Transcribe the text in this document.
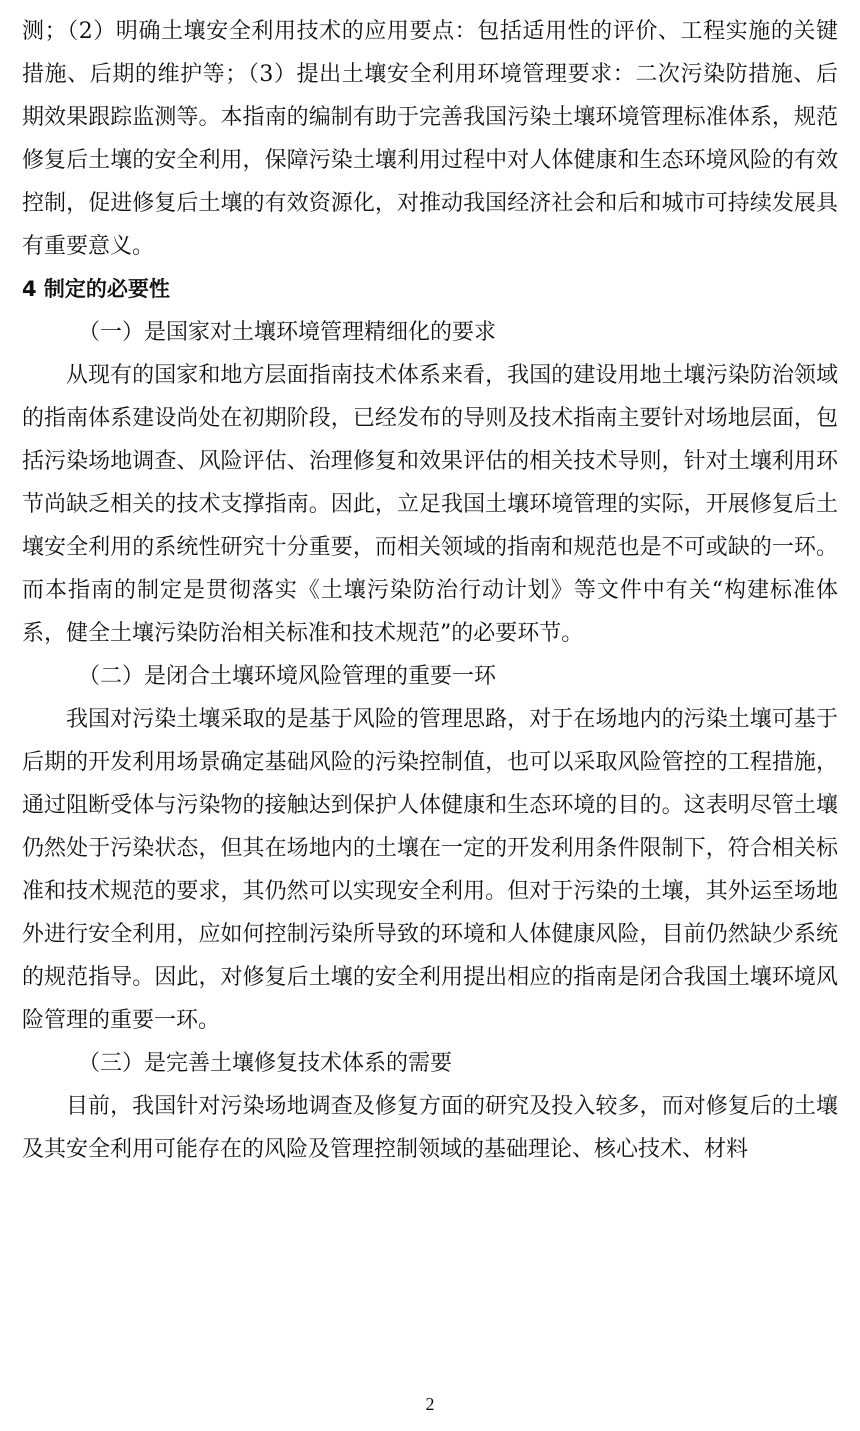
测；（2）明确土壤安全利用技术的应用要点：包括适用性的评价、工程实施的关键措施、后期的维护等；（3）提出土壤安全利用环境管理要求：二次污染防措施、后期效果跟踪监测等。本指南的编制有助于完善我国污染土壤环境管理标准体系，规范修复后土壤的安全利用，保障污染土壤利用过程中对人体健康和生态环境风险的有效控制，促进修复后土壤的有效资源化，对推动我国经济社会和后和城市可持续发展具有重要意义。

4 制定的必要性

（一）是国家对土壤环境管理精细化的要求

从现有的国家和地方层面指南技术体系来看，我国的建设用地土壤污染防治领域的指南体系建设尚处在初期阶段，已经发布的导则及技术指南主要针对场地层面，包括污染场地调查、风险评估、治理修复和效果评估的相关技术导则，针对土壤利用环节尚缺乏相关的技术支撑指南。因此，立足我国土壤环境管理的实际，开展修复后土壤安全利用的系统性研究十分重要，而相关领域的指南和规范也是不可或缺的一环。而本指南的制定是贯彻落实《土壤污染防治行动计划》等文件中有关“构建标准体系，健全土壤污染防治相关标准和技术规范”的必要环节。

（二）是闭合土壤环境风险管理的重要一环

我国对污染土壤采取的是基于风险的管理思路，对于在场地内的污染土壤可基于后期的开发利用场景确定基础风险的污染控制值，也可以采取风险管控的工程措施，通过阻断受体与污染物的接触达到保护人体健康和生态环境的目的。这表明尽管土壤仍然处于污染状态，但其在场地内的土壤在一定的开发利用条件限制下，符合相关标准和技术规范的要求，其仍然可以实现安全利用。但对于污染的土壤，其外运至场地外进行安全利用，应如何控制污染所导致的环境和人体健康风险，目前仍然缺少系统的规范指导。因此，对修复后土壤的安全利用提出相应的指南是闭合我国土壤环境风险管理的重要一环。

（三）是完善土壤修复技术体系的需要

目前，我国针对污染场地调查及修复方面的研究及投入较多，而对修复后的土壤及其安全利用可能存在的风险及管理控制领域的基础理论、核心技术、材料

2
